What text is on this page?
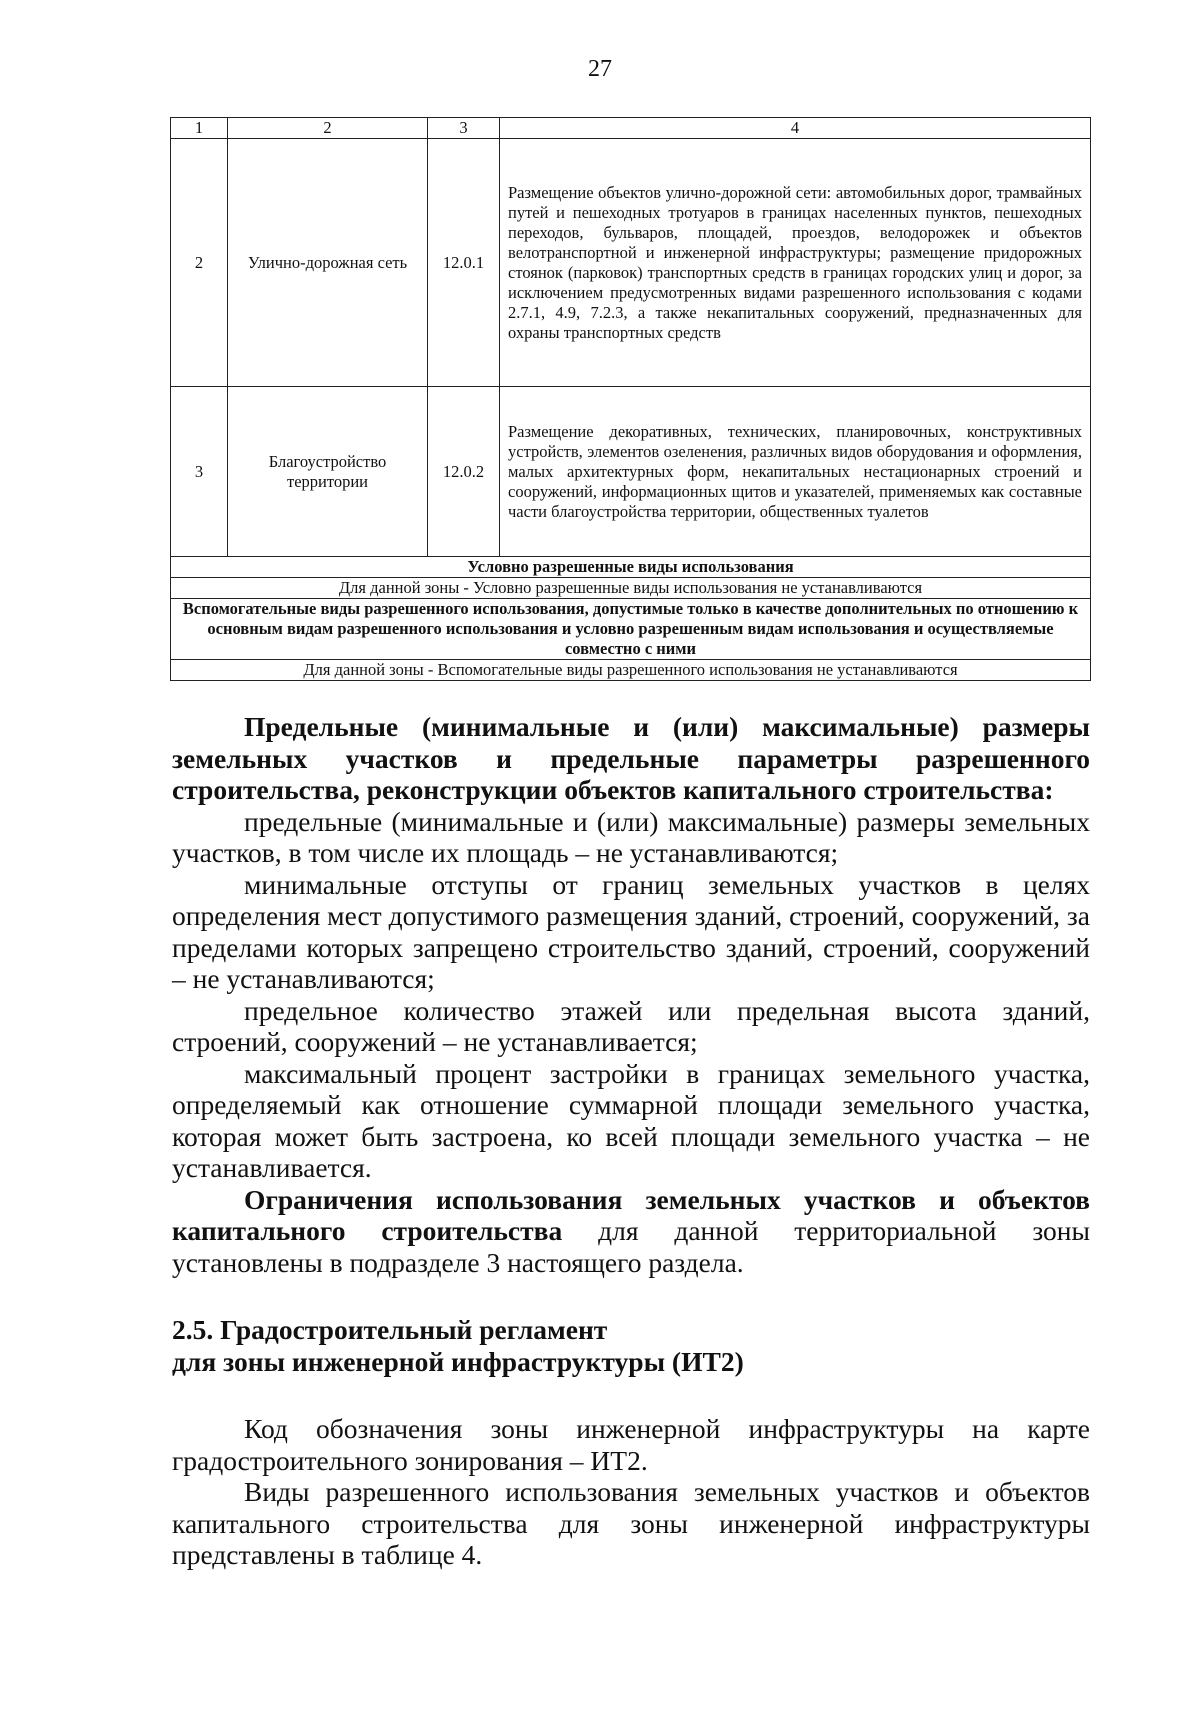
27
1	2	3	4
2	Улично-дорожная сеть	12.0.1	Размещение объектов улично-дорожной сети: автомобильных дорог, трамвайных путей и пешеходных тротуаров в границах населенных пунктов, пешеходных переходов, бульваров, площадей, проездов, велодорожек и объектов велотранспортной и инженерной инфраструктуры; размещение придорожных стоянок (парковок) транспортных средств в границах городских улиц и дорог, за исключением предусмотренных видами разрешенного использования с кодами 2.7.1, 4.9, 7.2.3, а также некапитальных сооружений, предназначенных для охраны транспортных средств
3	Благоустройство территории	12.0.2	Размещение декоративных, технических, планировочных, конструктивных устройств, элементов озеленения, различных видов оборудования и оформления, малых архитектурных форм, некапитальных нестационарных строений и сооружений, информационных щитов и указателей, применяемых как составные части благоустройства территории, общественных туалетов
Условно разрешенные виды использования			
Для данной зоны - Условно разрешенные виды использования не устанавливаются			
Вспомогательные виды разрешенного использования, допустимые только в качестве дополнительных по отношению к основным видам разрешенного использования и условно разрешенным видам использования и осуществляемые совместно с ними			
Для данной зоны - Вспомогательные виды разрешенного использования не устанавливаются			

Предельные (минимальные и (или) максимальные) размеры земельных участков и предельные параметры разрешенного строительства, реконструкции объектов капитального строительства:

предельные (минимальные и (или) максимальные) размеры земельных участков, в том числе их площадь – не устанавливаются;

минимальные отступы от границ земельных участков в целях определения мест допустимого размещения зданий, строений, сооружений, за пределами которых запрещено строительство зданий, строений, сооружений – не устанавливаются;

предельное количество этажей или предельная высота зданий, строений, сооружений – не устанавливается;

максимальный процент застройки в границах земельного участка, определяемый как отношение суммарной площади земельного участка, которая может быть застроена, ко всей площади земельного участка – не устанавливается.

Ограничения использования земельных участков и объектов капитального строительства для данной территориальной зоны установлены в подразделе 3 настоящего раздела.

2.5. Градостроительный регламент
для зоны инженерной инфраструктуры (ИТ2)

Код обозначения зоны инженерной инфраструктуры на карте градостроительного зонирования – ИТ2.

Виды разрешенного использования земельных участков и объектов капитального строительства для зоны инженерной инфраструктуры представлены в таблице 4.
